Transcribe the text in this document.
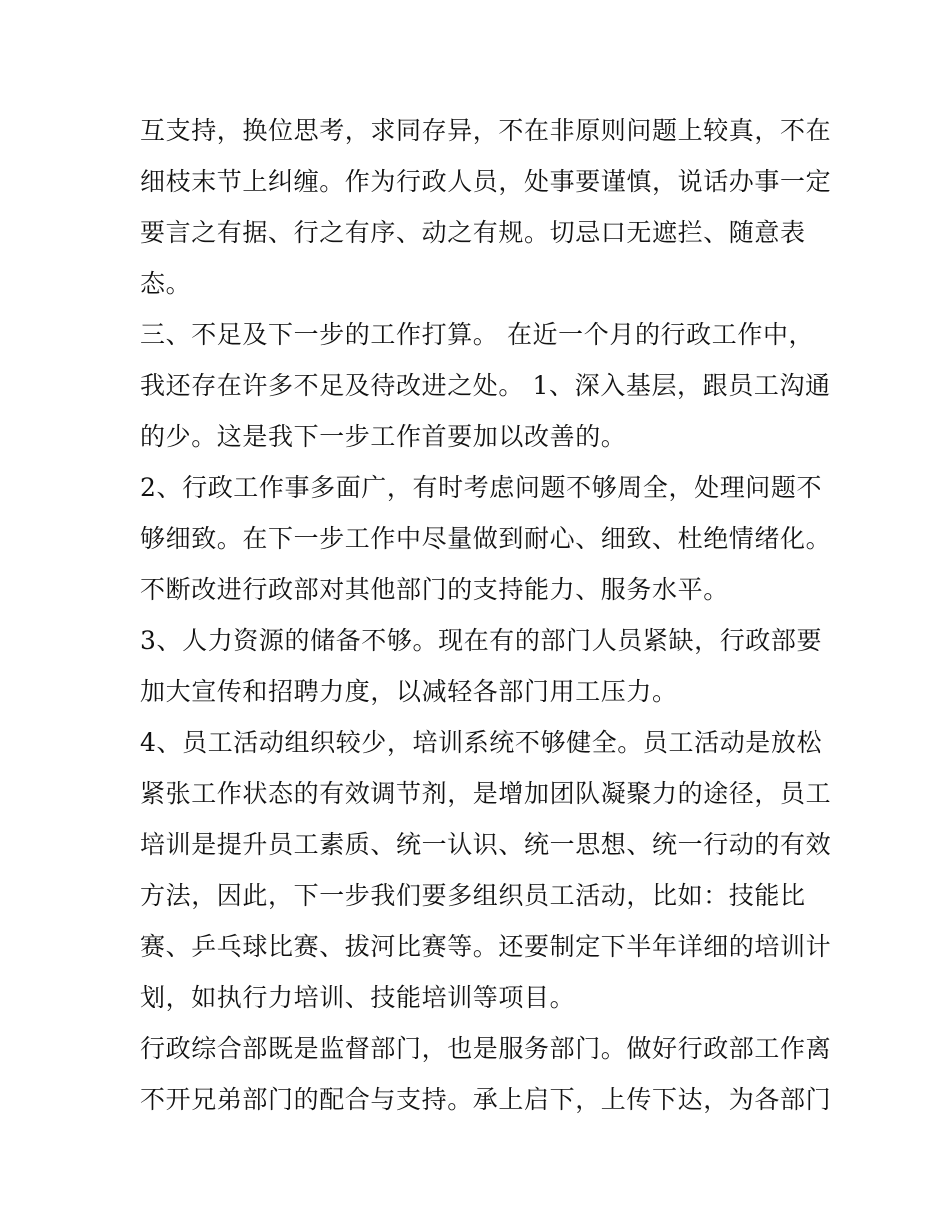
互支持，换位思考，求同存异，不在非原则问题上较真，不在
细枝末节上纠缠。作为行政人员，处事要谨慎，说话办事一定
要言之有据、行之有序、动之有规。切忌口无遮拦、随意表
态。
三、不足及下一步的工作打算。 在近一个月的行政工作中，
我还存在许多不足及待改进之处。 1、深入基层，跟员工沟通
的少。这是我下一步工作首要加以改善的。
2、行政工作事多面广，有时考虑问题不够周全，处理问题不
够细致。在下一步工作中尽量做到耐心、细致、杜绝情绪化。
不断改进行政部对其他部门的支持能力、服务水平。
3、人力资源的储备不够。现在有的部门人员紧缺，行政部要
加大宣传和招聘力度，以减轻各部门用工压力。
4、员工活动组织较少，培训系统不够健全。员工活动是放松
紧张工作状态的有效调节剂，是增加团队凝聚力的途径，员工
培训是提升员工素质、统一认识、统一思想、统一行动的有效
方法，因此，下一步我们要多组织员工活动，比如：技能比
赛、乒乓球比赛、拔河比赛等。还要制定下半年详细的培训计
划，如执行力培训、技能培训等项目。
行政综合部既是监督部门，也是服务部门。做好行政部工作离
不开兄弟部门的配合与支持。承上启下，上传下达，为各部门
